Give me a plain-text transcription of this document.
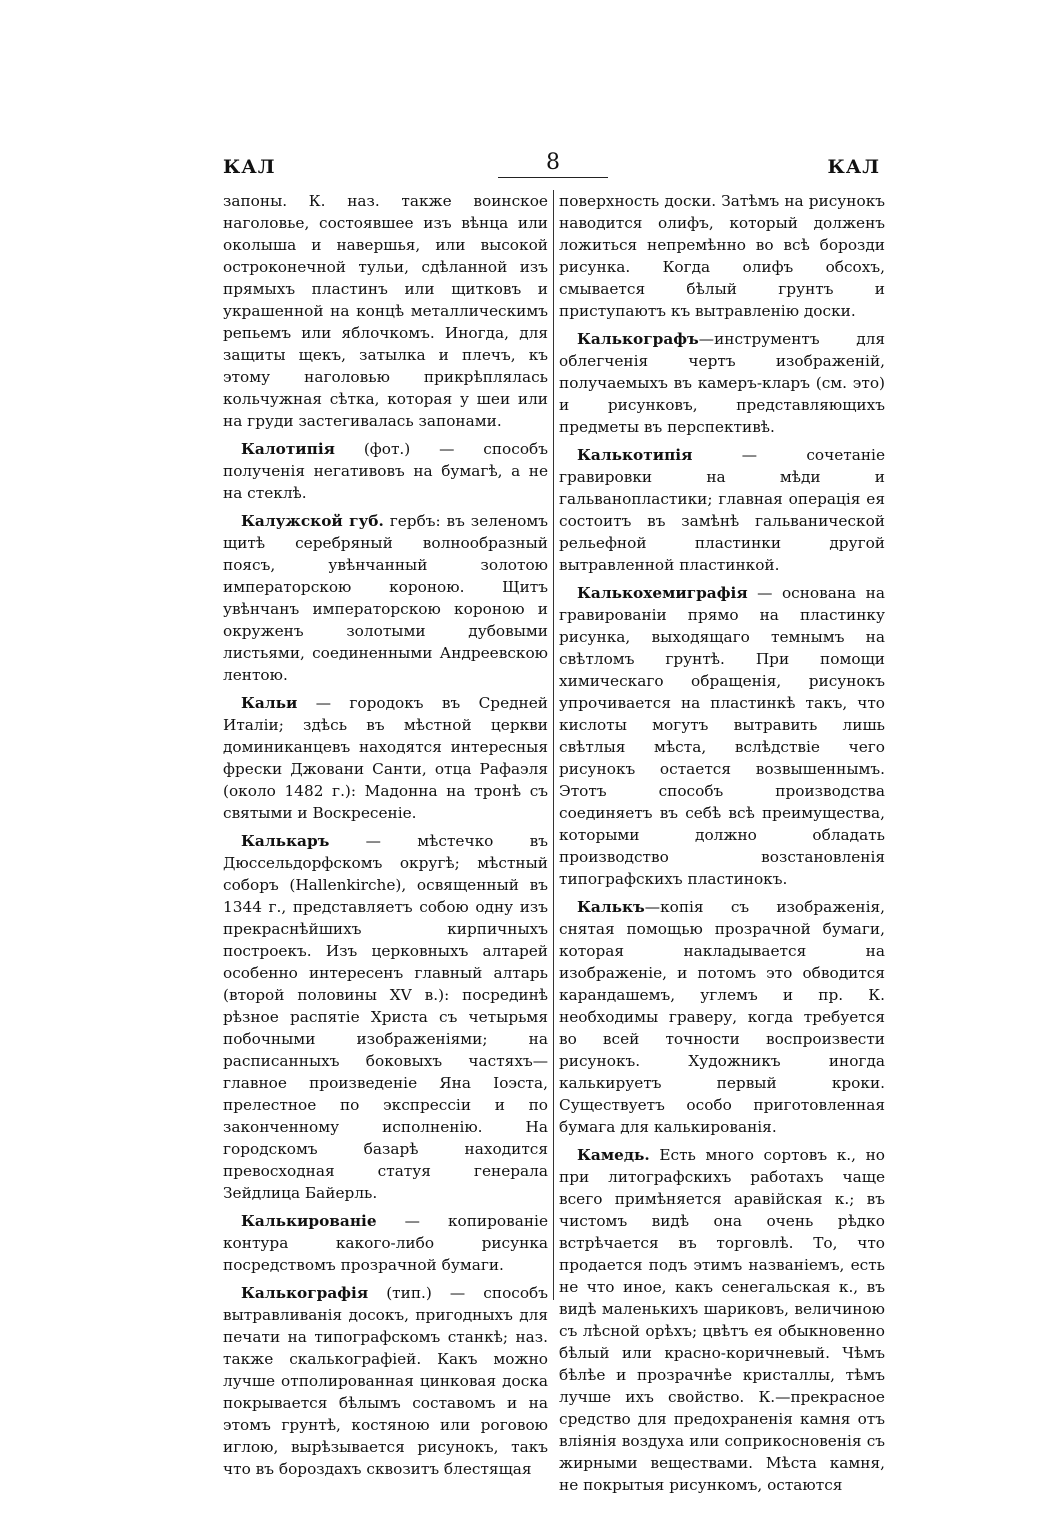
КАЛ	8	КАЛ

запоны. К. наз. также воинское наголовье, состоявшее изъ вѣнца или околыша и навершья, или высокой остроконечной тульи, сдѣланной изъ прямыхъ пластинъ или щитковъ и украшенной на концѣ металлическимъ репьемъ или яблочкомъ. Иногда, для защиты щекъ, затылка и плечъ, къ этому наголовью прикрѣплялась кольчужная сѣтка, которая у шеи или на груди застегивалась запонами.

Калотипія (фот.) — способъ полученія негативовъ на бумагѣ, а не на стеклѣ.

Калужской губ. гербъ: въ зеленомъ щитѣ серебряный волнообразный поясъ, увѣнчанный золотою императорскою короною. Щитъ увѣнчанъ императорскою короною и окруженъ золотыми дубовыми листьями, соединенными Андреевскою лентою.

Кальи — городокъ въ Средней Италіи; здѣсь въ мѣстной церкви доминиканцевъ находятся интересныя фрески Джовани Санти, отца Рафаэля (около 1482 г.): Мадонна на тронѣ съ святыми и Воскресеніе.

Калькаръ — мѣстечко въ Дюссельдорфскомъ округѣ; мѣстный соборъ (Hallenkirche), освященный въ 1344 г., представляетъ собою одну изъ прекраснѣйшихъ кирпичныхъ построекъ. Изъ церковныхъ алтарей особенно интересенъ главный алтарь (второй половины XV в.): посрединѣ рѣзное распятіе Христа съ четырьмя побочными изображеніями; на расписанныхъ боковыхъ частяхъ—главное произведеніе Яна Іоэста, прелестное по экспрессіи и по законченному исполненію. На городскомъ базарѣ находится превосходная статуя генерала Зейдлица Байерль.

Калькированіе — копированіе контура какого-либо рисунка посредствомъ прозрачной бумаги.

Калькографія (тип.) — способъ вытравливанія досокъ, пригодныхъ для печати на типографскомъ станкѣ; наз. также скалькографіей. Какъ можно лучше отполированная цинковая доска покрывается бѣлымъ составомъ и на этомъ грунтѣ, костяною или роговою иглою, вырѣзывается рисунокъ, такъ что въ бороздахъ сквозитъ блестящая

поверхность доски. Затѣмъ на рисунокъ наводится олифъ, который долженъ ложиться непремѣнно во всѣ борозди рисунка. Когда олифъ обсохъ, смывается бѣлый грунтъ и приступаютъ къ вытравленію доски.

Калькографъ—инструментъ для облегченія чертъ изображеній, получаемыхъ въ камеръ-кларъ (см. это) и рисунковъ, представляющихъ предметы въ перспективѣ.

Калькотипія — сочетаніе гравировки на мѣди и гальванопластики; главная операція ея состоитъ въ замѣнѣ гальванической рельефной пластинки другой вытравленной пластинкой.

Калькохемиграфія — основана на гравированіи прямо на пластинку рисунка, выходящаго темнымъ на свѣтломъ грунтѣ. При помощи химическаго обращенія, рисунокъ упрочивается на пластинкѣ такъ, что кислоты могутъ вытравить лишь свѣтлыя мѣста, вслѣдствіе чего рисунокъ остается возвышеннымъ. Этотъ способъ производства соединяетъ въ себѣ всѣ преимущества, которыми должно обладать производство возстановленія типографскихъ пластинокъ.

Калькъ—копія съ изображенія, снятая помощью прозрачной бумаги, которая накладывается на изображеніе, и потомъ это обводится карандашемъ, углемъ и пр. К. необходимы граверу, когда требуется во всей точности воспроизвести рисунокъ. Художникъ иногда калькируетъ первый кроки. Существуетъ особо приготовленная бумага для калькированія.

Камедь. Есть много сортовъ к., но при литографскихъ работахъ чаще всего примѣняется аравійская к.; въ чистомъ видѣ она очень рѣдко встрѣчается въ торговлѣ. То, что продается подъ этимъ названіемъ, есть не что иное, какъ сенегальская к., въ видѣ маленькихъ шариковъ, величиною съ лѣсной орѣхъ; цвѣтъ ея обыкновенно бѣлый или красно-коричневый. Чѣмъ бѣлѣе и прозрачнѣе кристаллы, тѣмъ лучше ихъ свойство. К.—прекрасное средство для предохраненія камня отъ вліянія воздуха или соприкосновенія съ жирными веществами. Мѣста камня, не покрытыя рисункомъ, остаются
